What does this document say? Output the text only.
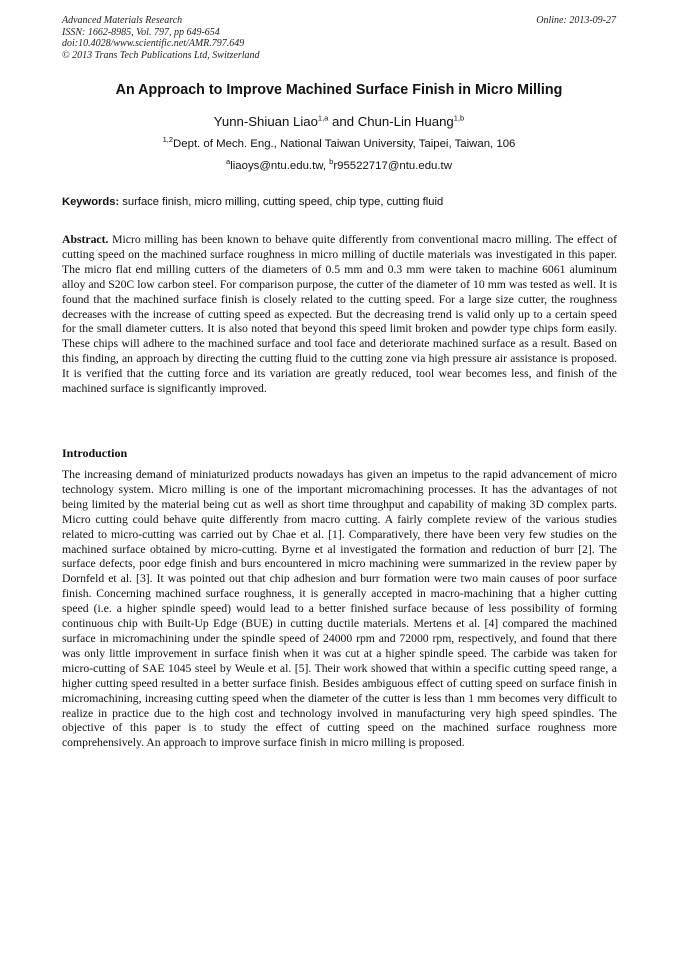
Advanced Materials Research
ISSN: 1662-8985, Vol. 797, pp 649-654
doi:10.4028/www.scientific.net/AMR.797.649
© 2013 Trans Tech Publications Ltd, Switzerland
Online: 2013-09-27
An Approach to Improve Machined Surface Finish in Micro Milling
Yunn-Shiuan Liao$^{1,a}$ and Chun-Lin Huang$^{1,b}$
$^{1,2}$Dept. of Mech. Eng., National Taiwan University, Taipei, Taiwan, 106
$^a$liaoys@ntu.edu.tw, $^b$r95522717@ntu.edu.tw
Keywords: surface finish, micro milling, cutting speed, chip type, cutting fluid
Abstract. Micro milling has been known to behave quite differently from conventional macro milling. The effect of cutting speed on the machined surface roughness in micro milling of ductile materials was investigated in this paper. The micro flat end milling cutters of the diameters of 0.5 mm and 0.3 mm were taken to machine 6061 aluminum alloy and S20C low carbon steel. For comparison purpose, the cutter of the diameter of 10 mm was tested as well. It is found that the machined surface finish is closely related to the cutting speed. For a large size cutter, the roughness decreases with the increase of cutting speed as expected. But the decreasing trend is valid only up to a certain speed for the small diameter cutters. It is also noted that beyond this speed limit broken and powder type chips form easily. These chips will adhere to the machined surface and tool face and deteriorate machined surface as a result. Based on this finding, an approach by directing the cutting fluid to the cutting zone via high pressure air assistance is proposed. It is verified that the cutting force and its variation are greatly reduced, tool wear becomes less, and finish of the machined surface is significantly improved.
Introduction
The increasing demand of miniaturized products nowadays has given an impetus to the rapid advancement of micro technology system. Micro milling is one of the important micromachining processes. It has the advantages of not being limited by the material being cut as well as short time throughput and capability of making 3D complex parts. Micro cutting could behave quite differently from macro cutting. A fairly complete review of the various studies related to micro-cutting was carried out by Chae et al. [1]. Comparatively, there have been very few studies on the machined surface obtained by micro-cutting. Byrne et al investigated the formation and reduction of burr [2]. The surface defects, poor edge finish and burs encountered in micro machining were summarized in the review paper by Dornfeld et al. [3]. It was pointed out that chip adhesion and burr formation were two main causes of poor surface finish. Concerning machined surface roughness, it is generally accepted in macro-machining that a higher cutting speed (i.e. a higher spindle speed) would lead to a better finished surface because of less possibility of forming continuous chip with Built-Up Edge (BUE) in cutting ductile materials. Mertens et al. [4] compared the machined surface in micromachining under the spindle speed of 24000 rpm and 72000 rpm, respectively, and found that there was only little improvement in surface finish when it was cut at a higher spindle speed. The carbide was taken for micro-cutting of SAE 1045 steel by Weule et al. [5]. Their work showed that within a specific cutting speed range, a higher cutting speed resulted in a better surface finish. Besides ambiguous effect of cutting speed on surface finish in micromachining, increasing cutting speed when the diameter of the cutter is less than 1 mm becomes very difficult to realize in practice due to the high cost and technology involved in manufacturing very high speed spindles. The objective of this paper is to study the effect of cutting speed on the machined surface roughness more comprehensively. An approach to improve surface finish in micro milling is proposed.
